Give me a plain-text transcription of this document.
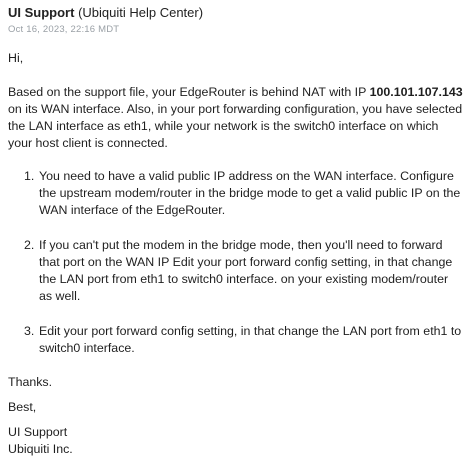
UI Support (Ubiquiti Help Center)
Oct 16, 2023, 22:16 MDT
Hi,
Based on the support file, your EdgeRouter is behind NAT with IP 100.101.107.143 on its WAN interface. Also, in your port forwarding configuration, you have selected the LAN interface as eth1, while your network is the switch0 interface on which your host client is connected.
1. You need to have a valid public IP address on the WAN interface. Configure the upstream modem/router in the bridge mode to get a valid public IP on the WAN interface of the EdgeRouter.
2. If you can't put the modem in the bridge mode, then you'll need to forward that port on the WAN IP Edit your port forward config setting, in that change the LAN port from eth1 to switch0 interface. on your existing modem/router as well.
3. Edit your port forward config setting, in that change the LAN port from eth1 to switch0 interface.
Thanks.
Best,
UI Support
Ubiquiti Inc.
